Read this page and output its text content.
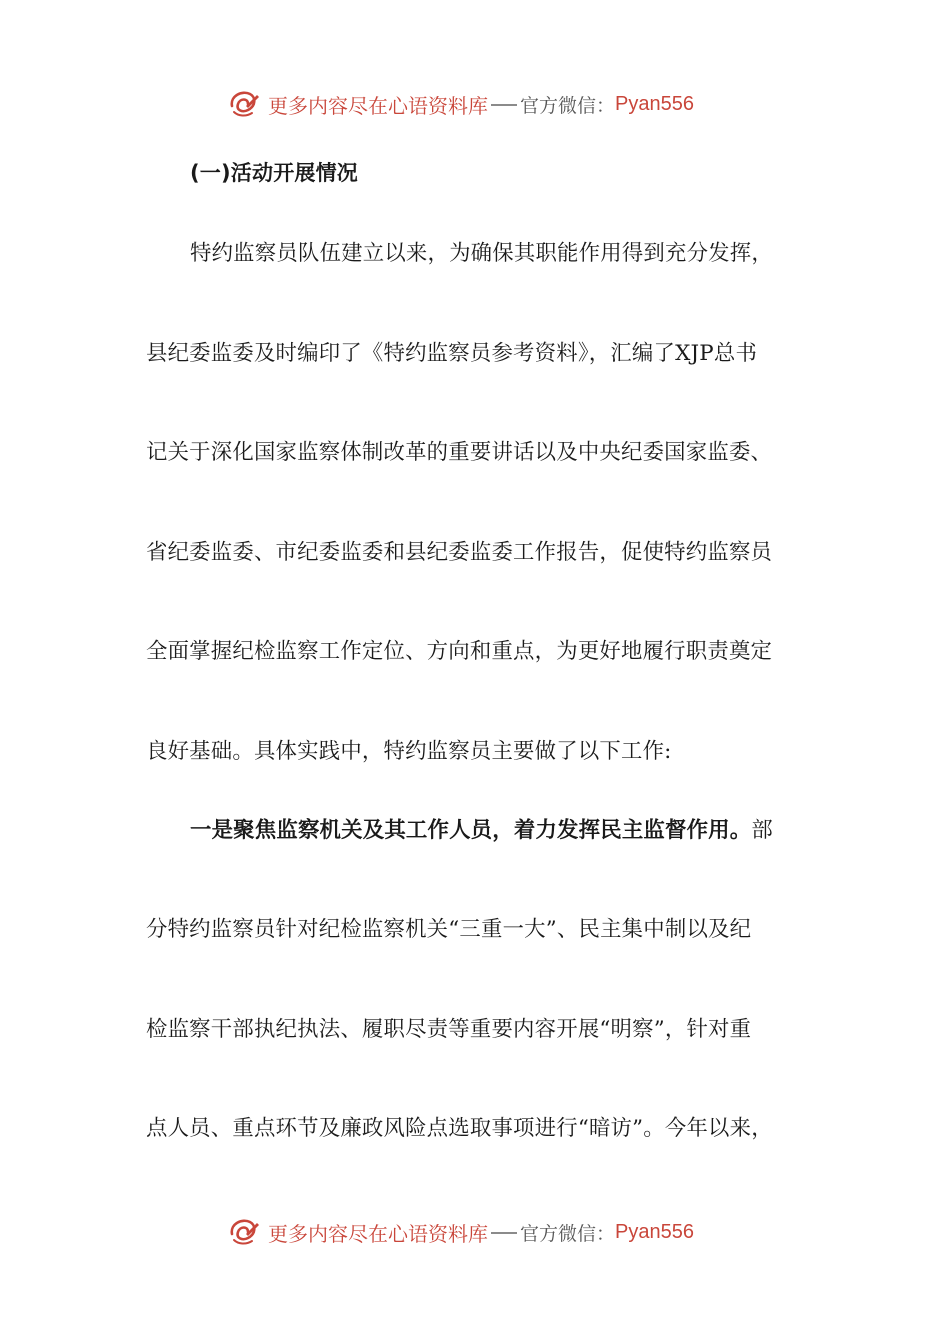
更多内容尽在心语资料库 官方微信： Pyan556
(一)活动开展情况
特约监察员队伍建立以来，为确保其职能作用得到充分发挥，
县纪委监委及时编印了《特约监察员参考资料》，汇编了XJP总书
记关于深化国家监察体制改革的重要讲话以及中央纪委国家监委、
省纪委监委、市纪委监委和县纪委监委工作报告，促使特约监察员
全面掌握纪检监察工作定位、方向和重点，为更好地履行职责奠定
良好基础。具体实践中，特约监察员主要做了以下工作:
一是聚焦监察机关及其工作人员，着力发挥民主监督作用。部
分特约监察员针对纪检监察机关“三重一大”、民主集中制以及纪
检监察干部执纪执法、履职尽责等重要内容开展“明察”，针对重
点人员、重点环节及廉政风险点选取事项进行“暗访”。今年以来，
更多内容尽在心语资料库 官方微信： Pyan556
